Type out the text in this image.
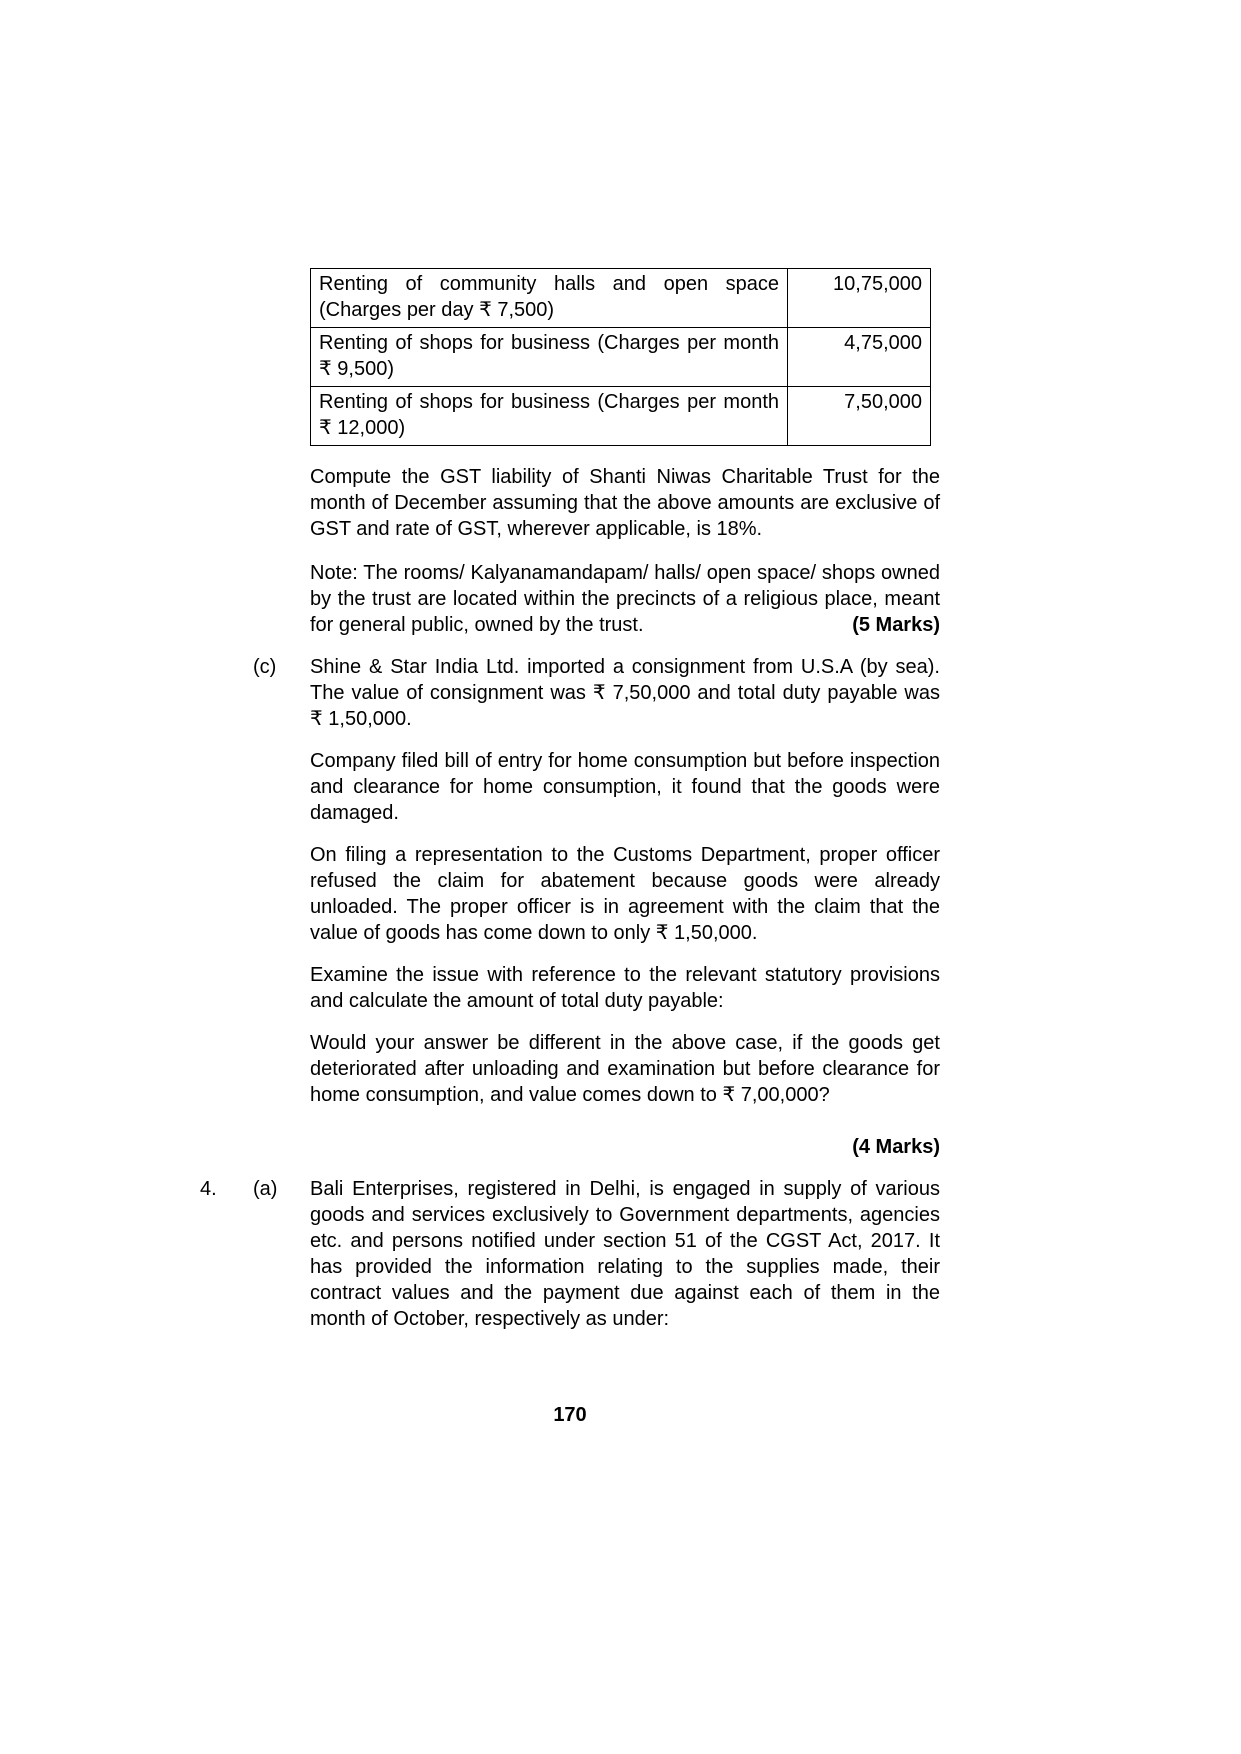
Renting of community halls and open space (Charges per day ₹ 7,500)	10,75,000
Renting of shops for business (Charges per month ₹ 9,500)	4,75,000
Renting of shops for business (Charges per month ₹ 12,000)	7,50,000

Compute the GST liability of Shanti Niwas Charitable Trust for the month of December assuming that the above amounts are exclusive of GST and rate of GST, wherever applicable, is 18%.

Note: The rooms/ Kalyanamandapam/ halls/ open space/ shops owned by the trust are located within the precincts of a religious place, meant for general public, owned by the trust.	(5 Marks)
(c)	Shine & Star India Ltd. imported a consignment from U.S.A (by sea). The value of consignment was ₹ 7,50,000 and total duty payable was ₹ 1,50,000.

Company filed bill of entry for home consumption but before inspection and clearance for home consumption, it found that the goods were damaged.

On filing a representation to the Customs Department, proper officer refused the claim for abatement because goods were already unloaded. The proper officer is in agreement with the claim that the value of goods has come down to only ₹ 1,50,000.

Examine the issue with reference to the relevant statutory provisions and calculate the amount of total duty payable:

Would your answer be different in the above case, if the goods get deteriorated after unloading and examination but before clearance for home consumption, and value comes down to ₹ 7,00,000?

(4 Marks)
4.	(a)	Bali Enterprises, registered in Delhi, is engaged in supply of various goods and services exclusively to Government departments, agencies etc. and persons notified under section 51 of the CGST Act, 2017. It has provided the information relating to the supplies made, their contract values and the payment due against each of them in the month of October, respectively as under:

170
